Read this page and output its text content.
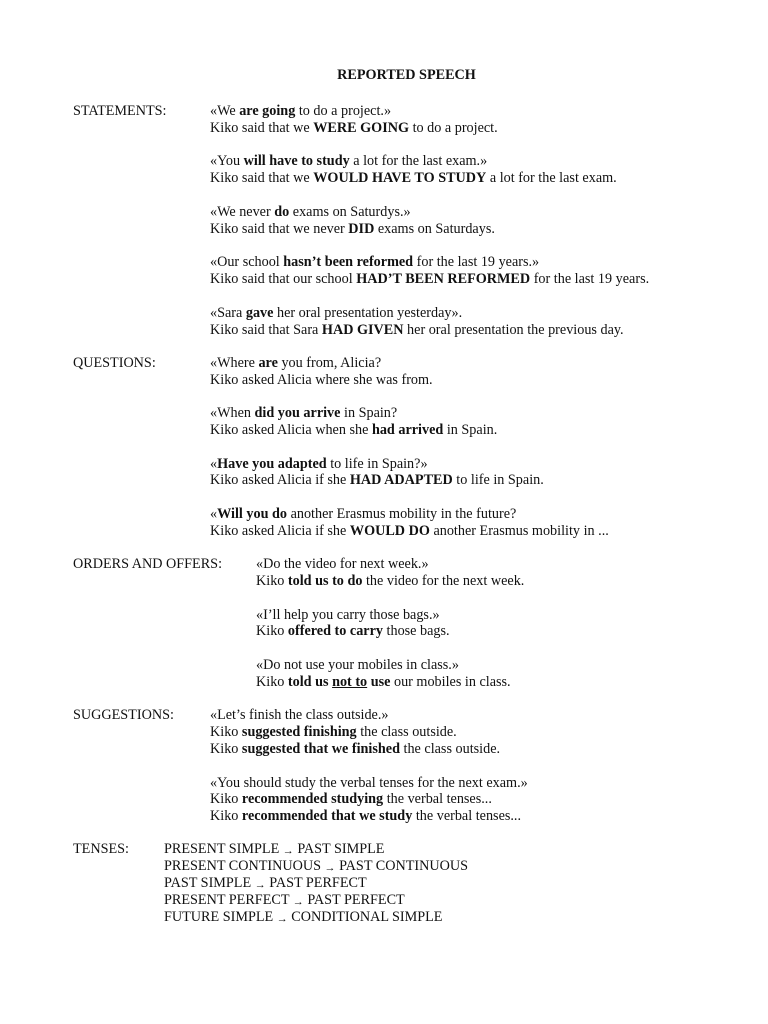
REPORTED SPEECH
STATEMENTS:	«We are going to do a project.»
Kiko said that we WERE GOING to do a project.
«You will have to study a lot for the last exam.»
Kiko said that we WOULD HAVE TO STUDY a lot for the last exam.
«We never do exams on Saturdys.»
Kiko said that we never DID exams on Saturdays.
«Our school hasn’t been reformed for the last 19 years.»
Kiko said that our school HAD’T BEEN REFORMED for the last 19 years.
«Sara gave her oral presentation yesterday».
Kiko said that Sara HAD GIVEN her oral presentation the previous day.
QUESTIONS:	«Where are you from, Alicia?
Kiko asked Alicia where she was from.
«When did you arrive in Spain?
Kiko asked Alicia when she had arrived in Spain.
«Have you adapted to life in Spain?»
Kiko asked Alicia if she HAD ADAPTED to life in Spain.
«Will you do another Erasmus mobility in the future?
Kiko asked Alicia if she WOULD DO another Erasmus mobility in ...
ORDERS AND OFFERS: «Do the video for next week.»
Kiko told us to do the video for the next week.
«I’ll help you carry those bags.»
Kiko offered to carry those bags.
«Do not use your mobiles in class.»
Kiko told us not to use our mobiles in class.
SUGGESTIONS:	«Let’s finish the class outside.»
Kiko suggested finishing the class outside.
Kiko suggested that we finished the class outside.
«You should study the verbal tenses for the next exam.»
Kiko recommended studying the verbal tenses...
Kiko recommended that we study the verbal tenses...
TENSES: PRESENT SIMPLE → PAST SIMPLE
PRESENT CONTINUOUS → PAST CONTINUOUS
PAST SIMPLE → PAST PERFECT
PRESENT PERFECT → PAST PERFECT
FUTURE SIMPLE → CONDITIONAL SIMPLE
